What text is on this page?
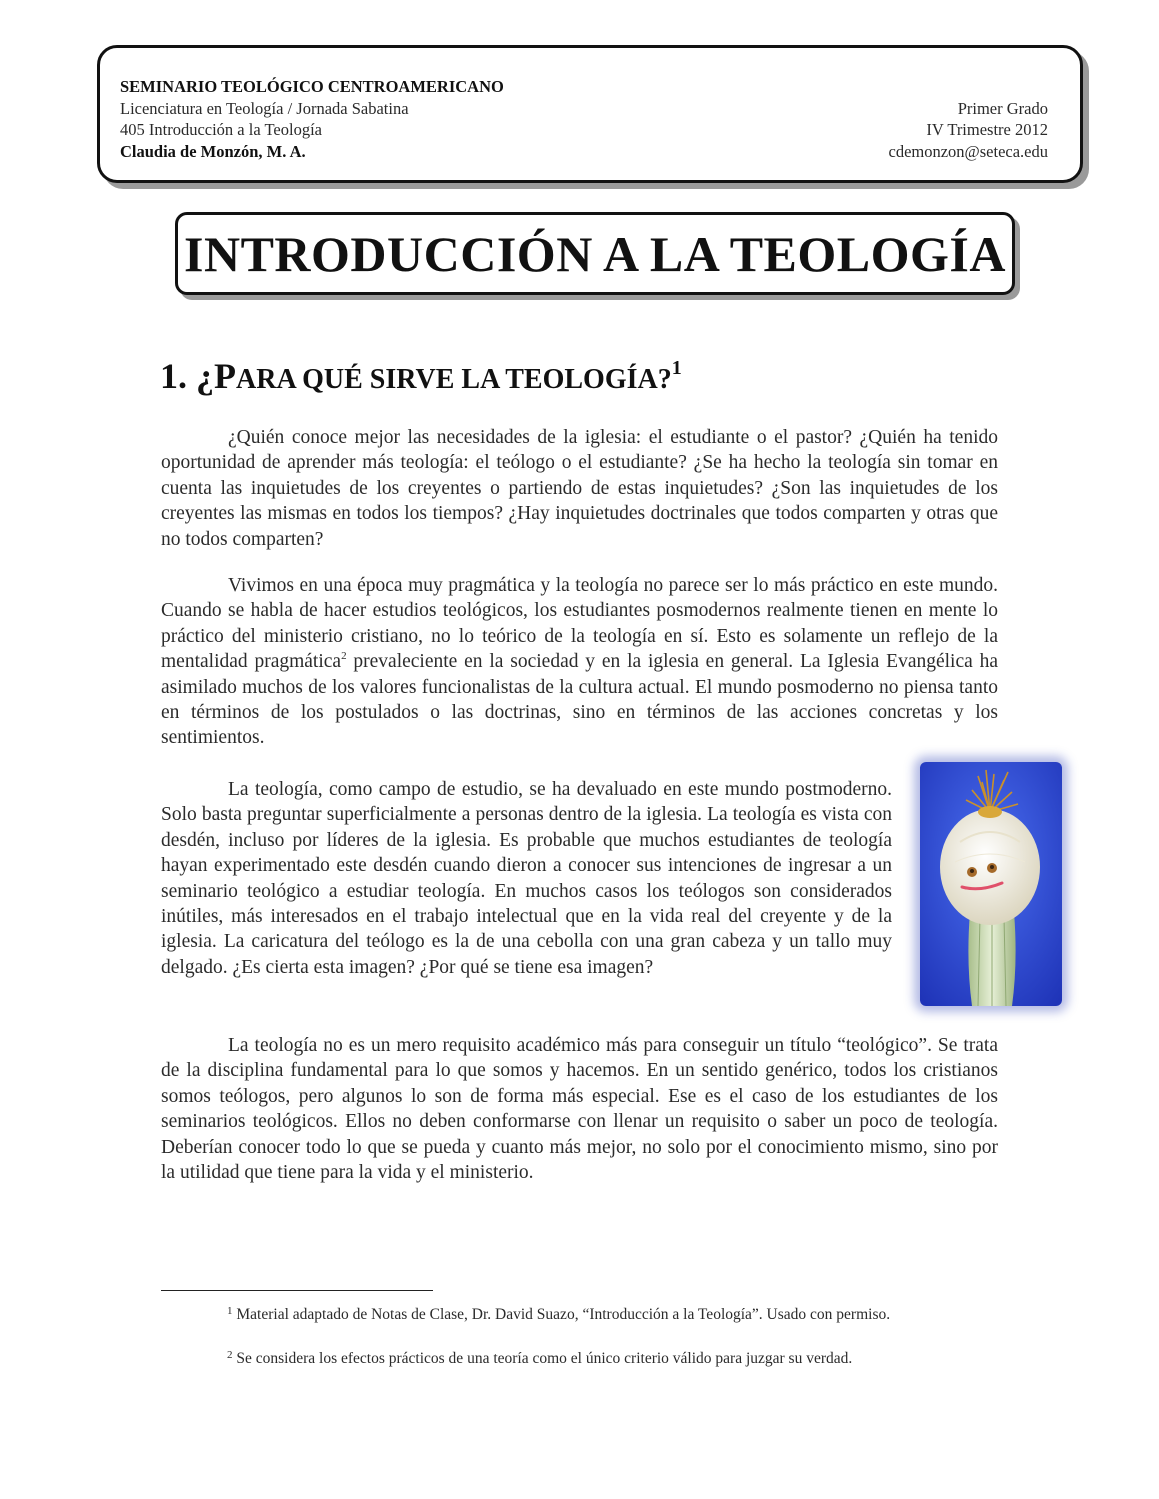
SEMINARIO TEOLÓGICO CENTROAMERICANO
Licenciatura en Teología / Jornada Sabatina
405 Introducción a la Teología
Claudia de Monzón, M. A.
Primer Grado
IV Trimestre 2012
cdemonzon@seteca.edu
INTRODUCCIÓN A LA TEOLOGÍA
1. ¿PARA QUÉ SIRVE LA TEOLOGÍA?$^1$

¿Quién conoce mejor las necesidades de la iglesia: el estudiante o el pastor? ¿Quién ha tenido oportunidad de aprender más teología: el teólogo o el estudiante? ¿Se ha hecho la teología sin tomar en cuenta las inquietudes de los creyentes o partiendo de estas inquietudes? ¿Son las inquietudes de los creyentes las mismas en todos los tiempos? ¿Hay inquietudes doctrinales que todos comparten y otras que no todos comparten?

Vivimos en una época muy pragmática y la teología no parece ser lo más práctico en este mundo. Cuando se habla de hacer estudios teológicos, los estudiantes posmodernos realmente tienen en mente lo práctico del ministerio cristiano, no lo teórico de la teología en sí. Esto es solamente un reflejo de la mentalidad pragmática$^2$ prevaleciente en la sociedad y en la iglesia en general. La Iglesia Evangélica ha asimilado muchos de los valores funcionalistas de la cultura actual. El mundo posmoderno no piensa tanto en términos de los postulados o las doctrinas, sino en términos de las acciones concretas y los sentimientos.

La teología, como campo de estudio, se ha devaluado en este mundo postmoderno. Solo basta preguntar superficialmente a personas dentro de la iglesia. La teología es vista con desdén, incluso por líderes de la iglesia. Es probable que muchos estudiantes de teología hayan experimentado este desdén cuando dieron a conocer sus intenciones de ingresar a un seminario teológico a estudiar teología. En muchos casos los teólogos son considerados inútiles, más interesados en el trabajo intelectual que en la vida real del creyente y de la iglesia. La caricatura del teólogo es la de una cebolla con una gran cabeza y un tallo muy delgado. ¿Es cierta esta imagen? ¿Por qué se tiene esa imagen?

La teología no es un mero requisito académico más para conseguir un título “teológico”. Se trata de la disciplina fundamental para lo que somos y hacemos. En un sentido genérico, todos los cristianos somos teólogos, pero algunos lo son de forma más especial. Ese es el caso de los estudiantes de los seminarios teológicos. Ellos no deben conformarse con llenar un requisito o saber un poco de teología. Deberían conocer todo lo que se pueda y cuanto más mejor, no solo por el conocimiento mismo, sino por la utilidad que tiene para la vida y el ministerio.

$^1$ Material adaptado de Notas de Clase, Dr. David Suazo, “Introducción a la Teología”. Usado con permiso.

$^2$ Se considera los efectos prácticos de una teoría como el único criterio válido para juzgar su verdad.
